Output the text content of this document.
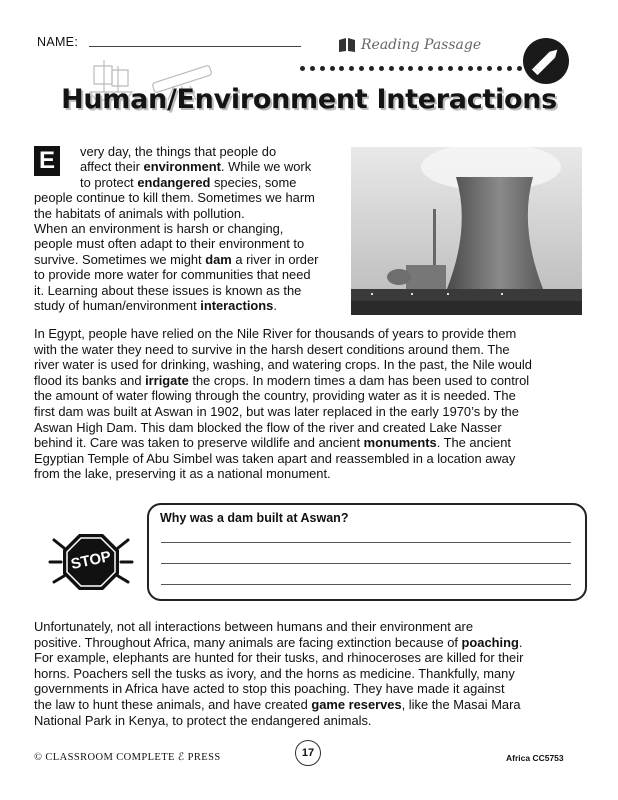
NAME:	Reading Passage
Human/Environment Interactions
E	very day, the things that people do
affect their environment. While we work
to protect endangered species, some
people continue to kill them. Sometimes we harm
the habitats of animals with pollution.
When an environment is harsh or changing,
people must often adapt to their environment to
survive. Sometimes we might dam a river in order
to provide more water for communities that need
it. Learning about these issues is known as the
study of human/environment interactions.
In Egypt, people have relied on the Nile River for thousands of years to provide them
with the water they need to survive in the harsh desert conditions around them. The
river water is used for drinking, washing, and watering crops. In the past, the Nile would
flood its banks and irrigate the crops. In modern times a dam has been used to control
the amount of water flowing through the country, providing water as it is needed. The
first dam was built at Aswan in 1902, but was later replaced in the early 1970’s by the
Aswan High Dam. This dam blocked the flow of the river and created Lake Nasser
behind it. Care was taken to preserve wildlife and ancient monuments. The ancient
Egyptian Temple of Abu Simbel was taken apart and reassembled in a location away
from the lake, preserving it as a national monument.
Why was a dam built at Aswan?
STOP
Unfortunately, not all interactions between humans and their environment are
positive. Throughout Africa, many animals are facing extinction because of poaching.
For example, elephants are hunted for their tusks, and rhinoceroses are killed for their
horns. Poachers sell the tusks as ivory, and the horns as medicine. Thankfully, many
governments in Africa have acted to stop this poaching. They have made it against
the law to hunt these animals, and have created game reserves, like the Masai Mara
National Park in Kenya, to protect the endangered animals.
© CLASSROOM COMPLETE ℰ PRESS	17	Africa CC5753
